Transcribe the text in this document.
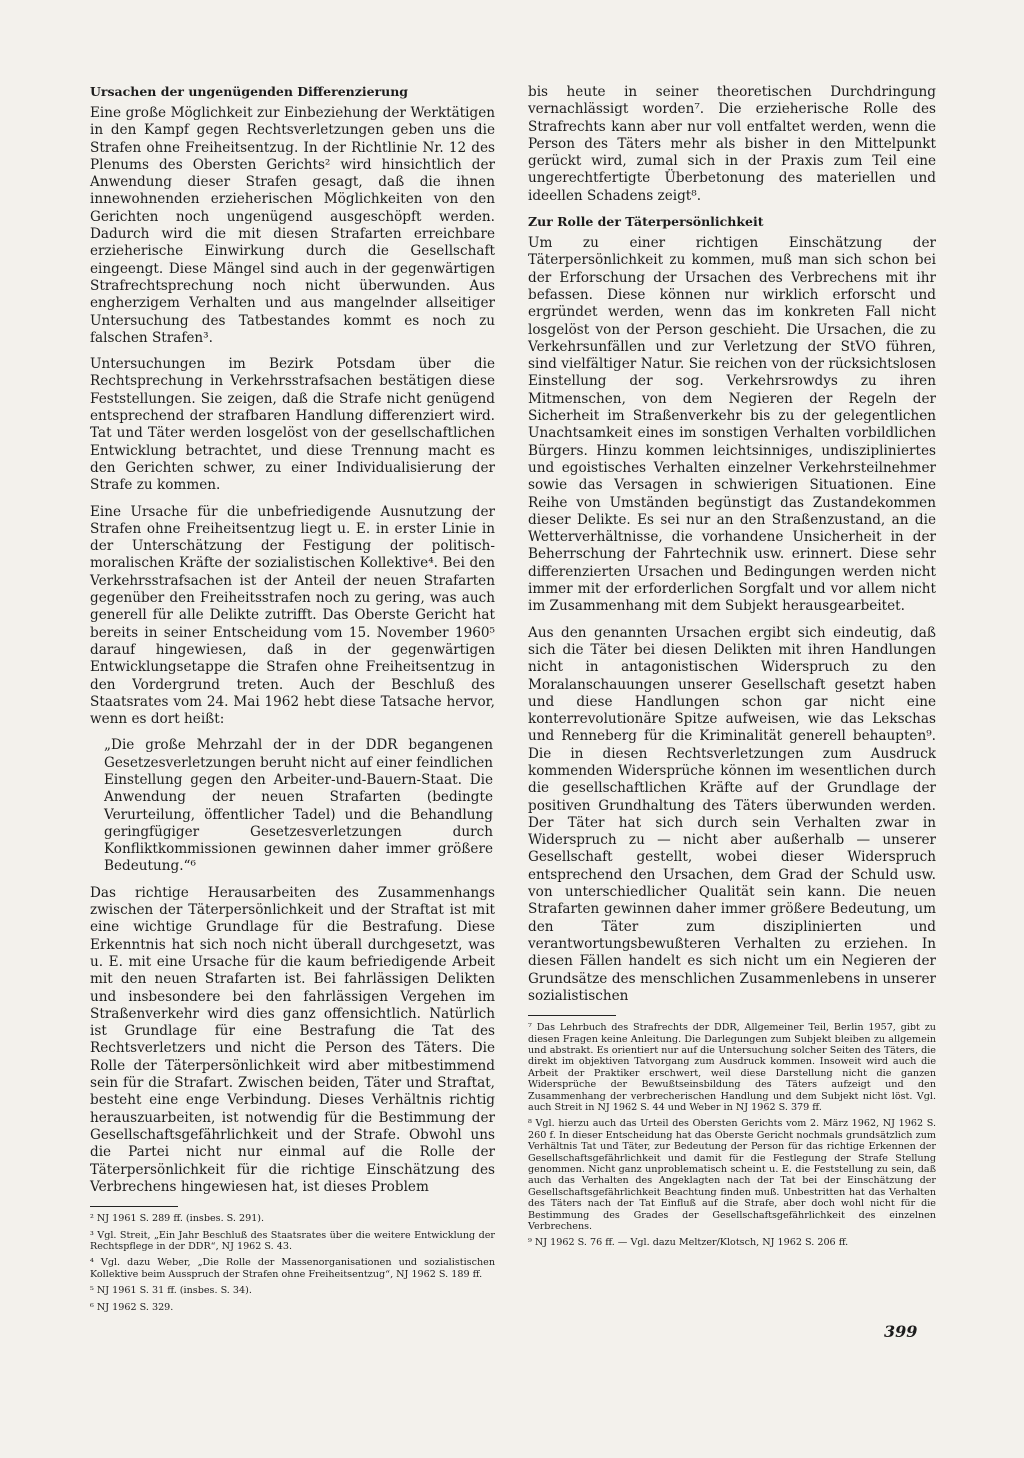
Ursachen der ungenügenden Differenzierung

Eine große Möglichkeit zur Einbeziehung der Werktätigen in den Kampf gegen Rechtsverletzungen geben uns die Strafen ohne Freiheitsentzug. In der Richtlinie Nr. 12 des Plenums des Obersten Gerichts² wird hinsichtlich der Anwendung dieser Strafen gesagt, daß die ihnen innewohnenden erzieherischen Möglichkeiten von den Gerichten noch ungenügend ausgeschöpft werden. Dadurch wird die mit diesen Strafarten erreichbare erzieherische Einwirkung durch die Gesellschaft eingeengt. Diese Mängel sind auch in der gegenwärtigen Strafrechtsprechung noch nicht überwunden. Aus engherzigem Verhalten und aus mangelnder allseitiger Untersuchung des Tatbestandes kommt es noch zu falschen Strafen³.

Untersuchungen im Bezirk Potsdam über die Rechtsprechung in Verkehrsstrafsachen bestätigen diese Feststellungen. Sie zeigen, daß die Strafe nicht genügend entsprechend der strafbaren Handlung differenziert wird. Tat und Täter werden losgelöst von der gesellschaftlichen Entwicklung betrachtet, und diese Trennung macht es den Gerichten schwer, zu einer Individualisierung der Strafe zu kommen.

Eine Ursache für die unbefriedigende Ausnutzung der Strafen ohne Freiheitsentzug liegt u. E. in erster Linie in der Unterschätzung der Festigung der politisch-moralischen Kräfte der sozialistischen Kollektive⁴. Bei den Verkehrsstrafsachen ist der Anteil der neuen Strafarten gegenüber den Freiheitsstrafen noch zu gering, was auch generell für alle Delikte zutrifft. Das Oberste Gericht hat bereits in seiner Entscheidung vom 15. November 1960⁵ darauf hingewiesen, daß in der gegenwärtigen Entwicklungsetappe die Strafen ohne Freiheitsentzug in den Vordergrund treten. Auch der Beschluß des Staatsrates vom 24. Mai 1962 hebt diese Tatsache hervor, wenn es dort heißt:

„Die große Mehrzahl der in der DDR begangenen Gesetzesverletzungen beruht nicht auf einer feindlichen Einstellung gegen den Arbeiter-und-Bauern-Staat. Die Anwendung der neuen Strafarten (bedingte Verurteilung, öffentlicher Tadel) und die Behandlung geringfügiger Gesetzesverletzungen durch Konfliktkommissionen gewinnen daher immer größere Bedeutung.“⁶

Das richtige Herausarbeiten des Zusammenhangs zwischen der Täterpersönlichkeit und der Straftat ist mit eine wichtige Grundlage für die Bestrafung. Diese Erkenntnis hat sich noch nicht überall durchgesetzt, was u. E. mit eine Ursache für die kaum befriedigende Arbeit mit den neuen Strafarten ist. Bei fahrlässigen Delikten und insbesondere bei den fahrlässigen Vergehen im Straßenverkehr wird dies ganz offensichtlich. Natürlich ist Grundlage für eine Bestrafung die Tat des Rechtsverletzers und nicht die Person des Täters. Die Rolle der Täterpersönlichkeit wird aber mitbestimmend sein für die Strafart. Zwischen beiden, Täter und Straftat, besteht eine enge Verbindung. Dieses Verhältnis richtig herauszuarbeiten, ist notwendig für die Bestimmung der Gesellschaftsgefährlichkeit und der Strafe. Obwohl uns die Partei nicht nur einmal auf die Rolle der Täterpersönlichkeit für die richtige Einschätzung des Verbrechens hingewiesen hat, ist dieses Problem

² NJ 1961 S. 289 ff. (insbes. S. 291).
³ Vgl. Streit, „Ein Jahr Beschluß des Staatsrates über die weitere Entwicklung der Rechtspflege in der DDR“, NJ 1962 S. 43.
⁴ Vgl. dazu Weber, „Die Rolle der Massenorganisationen und sozialistischen Kollektive beim Ausspruch der Strafen ohne Freiheitsentzug“, NJ 1962 S. 189 ff.
⁵ NJ 1961 S. 31 ff. (insbes. S. 34).
⁶ NJ 1962 S. 329.

bis heute in seiner theoretischen Durchdringung vernachlässigt worden⁷. Die erzieherische Rolle des Strafrechts kann aber nur voll entfaltet werden, wenn die Person des Täters mehr als bisher in den Mittelpunkt gerückt wird, zumal sich in der Praxis zum Teil eine ungerechtfertigte Überbetonung des materiellen und ideellen Schadens zeigt⁸.

Zur Rolle der Täterpersönlichkeit

Um zu einer richtigen Einschätzung der Täterpersönlichkeit zu kommen, muß man sich schon bei der Erforschung der Ursachen des Verbrechens mit ihr befassen. Diese können nur wirklich erforscht und ergründet werden, wenn das im konkreten Fall nicht losgelöst von der Person geschieht. Die Ursachen, die zu Verkehrsunfällen und zur Verletzung der StVO führen, sind vielfältiger Natur. Sie reichen von der rücksichtslosen Einstellung der sog. Verkehrsrowdys zu ihren Mitmenschen, von dem Negieren der Regeln der Sicherheit im Straßenverkehr bis zu der gelegentlichen Unachtsamkeit eines im sonstigen Verhalten vorbildlichen Bürgers. Hinzu kommen leichtsinniges, undiszipliniertes und egoistisches Verhalten einzelner Verkehrsteilnehmer sowie das Versagen in schwierigen Situationen. Eine Reihe von Umständen begünstigt das Zustandekommen dieser Delikte. Es sei nur an den Straßenzustand, an die Wetterverhältnisse, die vorhandene Unsicherheit in der Beherrschung der Fahrtechnik usw. erinnert. Diese sehr differenzierten Ursachen und Bedingungen werden nicht immer mit der erforderlichen Sorgfalt und vor allem nicht im Zusammenhang mit dem Subjekt herausgearbeitet.

Aus den genannten Ursachen ergibt sich eindeutig, daß sich die Täter bei diesen Delikten mit ihren Handlungen nicht in antagonistischen Widerspruch zu den Moralanschauungen unserer Gesellschaft gesetzt haben und diese Handlungen schon gar nicht eine konterrevolutionäre Spitze aufweisen, wie das Lekschas und Renneberg für die Kriminalität generell behaupten⁹. Die in diesen Rechtsverletzungen zum Ausdruck kommenden Widersprüche können im wesentlichen durch die gesellschaftlichen Kräfte auf der Grundlage der positiven Grundhaltung des Täters überwunden werden. Der Täter hat sich durch sein Verhalten zwar in Widerspruch zu — nicht aber außerhalb — unserer Gesellschaft gestellt, wobei dieser Widerspruch entsprechend den Ursachen, dem Grad der Schuld usw. von unterschiedlicher Qualität sein kann. Die neuen Strafarten gewinnen daher immer größere Bedeutung, um den Täter zum disziplinierten und verantwortungsbewußteren Verhalten zu erziehen. In diesen Fällen handelt es sich nicht um ein Negieren der Grundsätze des menschlichen Zusammenlebens in unserer sozialistischen

⁷ Das Lehrbuch des Strafrechts der DDR, Allgemeiner Teil, Berlin 1957, gibt zu diesen Fragen keine Anleitung. Die Darlegungen zum Subjekt bleiben zu allgemein und abstrakt. Es orientiert nur auf die Untersuchung solcher Seiten des Täters, die direkt im objektiven Tatvorgang zum Ausdruck kommen. Insoweit wird auch die Arbeit der Praktiker erschwert, weil diese Darstellung nicht die ganzen Widersprüche der Bewußtseinsbildung des Täters aufzeigt und den Zusammenhang der verbrecherischen Handlung und dem Subjekt nicht löst. Vgl. auch Streit in NJ 1962 S. 44 und Weber in NJ 1962 S. 379 ff.
⁸ Vgl. hierzu auch das Urteil des Obersten Gerichts vom 2. März 1962, NJ 1962 S. 260 f. In dieser Entscheidung hat das Oberste Gericht nochmals grundsätzlich zum Verhältnis Tat und Täter, zur Bedeutung der Person für das richtige Erkennen der Gesellschaftsgefährlichkeit und damit für die Festlegung der Strafe Stellung genommen. Nicht ganz unproblematisch scheint u. E. die Feststellung zu sein, daß auch das Verhalten des Angeklagten nach der Tat bei der Einschätzung der Gesellschaftsgefährlichkeit Beachtung finden muß. Unbestritten hat das Verhalten des Täters nach der Tat Einfluß auf die Strafe, aber doch wohl nicht für die Bestimmung des Grades der Gesellschaftsgefährlichkeit des einzelnen Verbrechens.
⁹ NJ 1962 S. 76 ff. — Vgl. dazu Meltzer/Klotsch, NJ 1962 S. 206 ff.
399
